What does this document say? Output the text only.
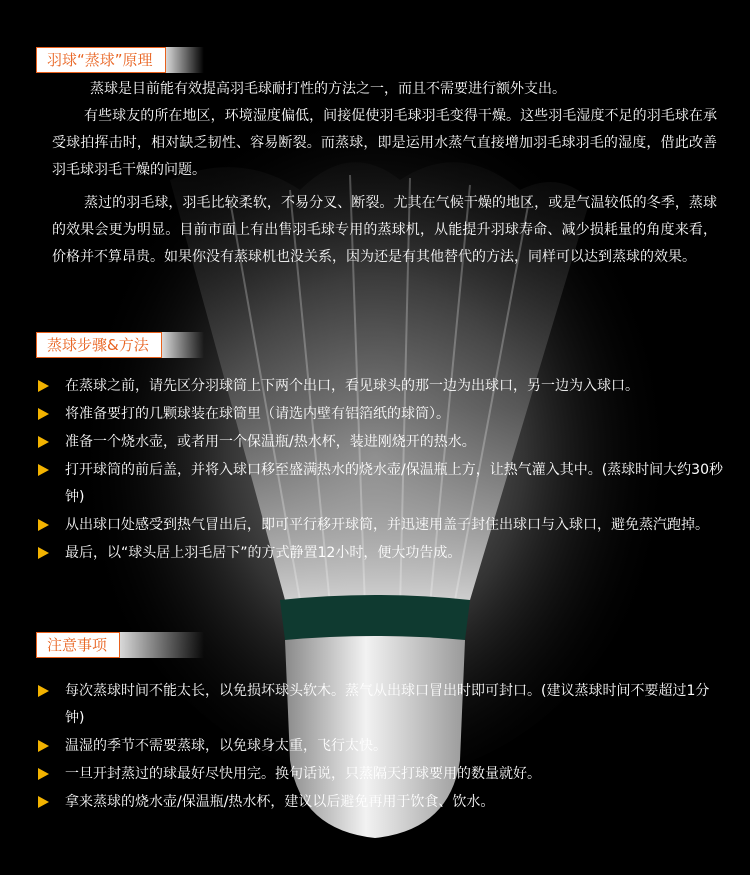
羽球“蒸球”原理
蒸球是目前能有效提高羽毛球耐打性的方法之一，而且不需要进行额外支出。
有些球友的所在地区，环境湿度偏低，间接促使羽毛球羽毛变得干燥。这些羽毛湿度不足的羽毛球在承受球拍挥击时，相对缺乏韧性、容易断裂。而蒸球，即是运用水蒸气直接增加羽毛球羽毛的湿度，借此改善羽毛球羽毛干燥的问题。
蒸过的羽毛球，羽毛比较柔软，不易分叉、断裂。尤其在气候干燥的地区，或是气温较低的冬季，蒸球的效果会更为明显。目前市面上有出售羽毛球专用的蒸球机，从能提升羽球寿命、减少损耗量的角度来看，价格并不算昂贵。如果你没有蒸球机也没关系，因为还是有其他替代的方法，同样可以达到蒸球的效果。
蒸球步骤&方法
在蒸球之前，请先区分羽球筒上下两个出口，看见球头的那一边为出球口，另一边为入球口。
将准备要打的几颗球装在球筒里（请选内壁有铝箔纸的球筒）。
准备一个烧水壶，或者用一个保温瓶/热水杯，装进刚烧开的热水。
打开球筒的前后盖，并将入球口移至盛满热水的烧水壶/保温瓶上方，让热气灌入其中。(蒸球时间大约30秒钟)
从出球口处感受到热气冒出后，即可平行移开球筒，并迅速用盖子封住出球口与入球口，避免蒸汽跑掉。
最后，以“球头居上羽毛居下”的方式静置12小时，便大功告成。
注意事项
每次蒸球时间不能太长，以免损坏球头软木。蒸气从出球口冒出时即可封口。(建议蒸球时间不要超过1分钟)
温湿的季节不需要蒸球，以免球身太重，飞行太快。
一旦开封蒸过的球最好尽快用完。换句话说，只蒸隔天打球要用的数量就好。
拿来蒸球的烧水壶/保温瓶/热水杯，建议以后避免再用于饮食、饮水。
